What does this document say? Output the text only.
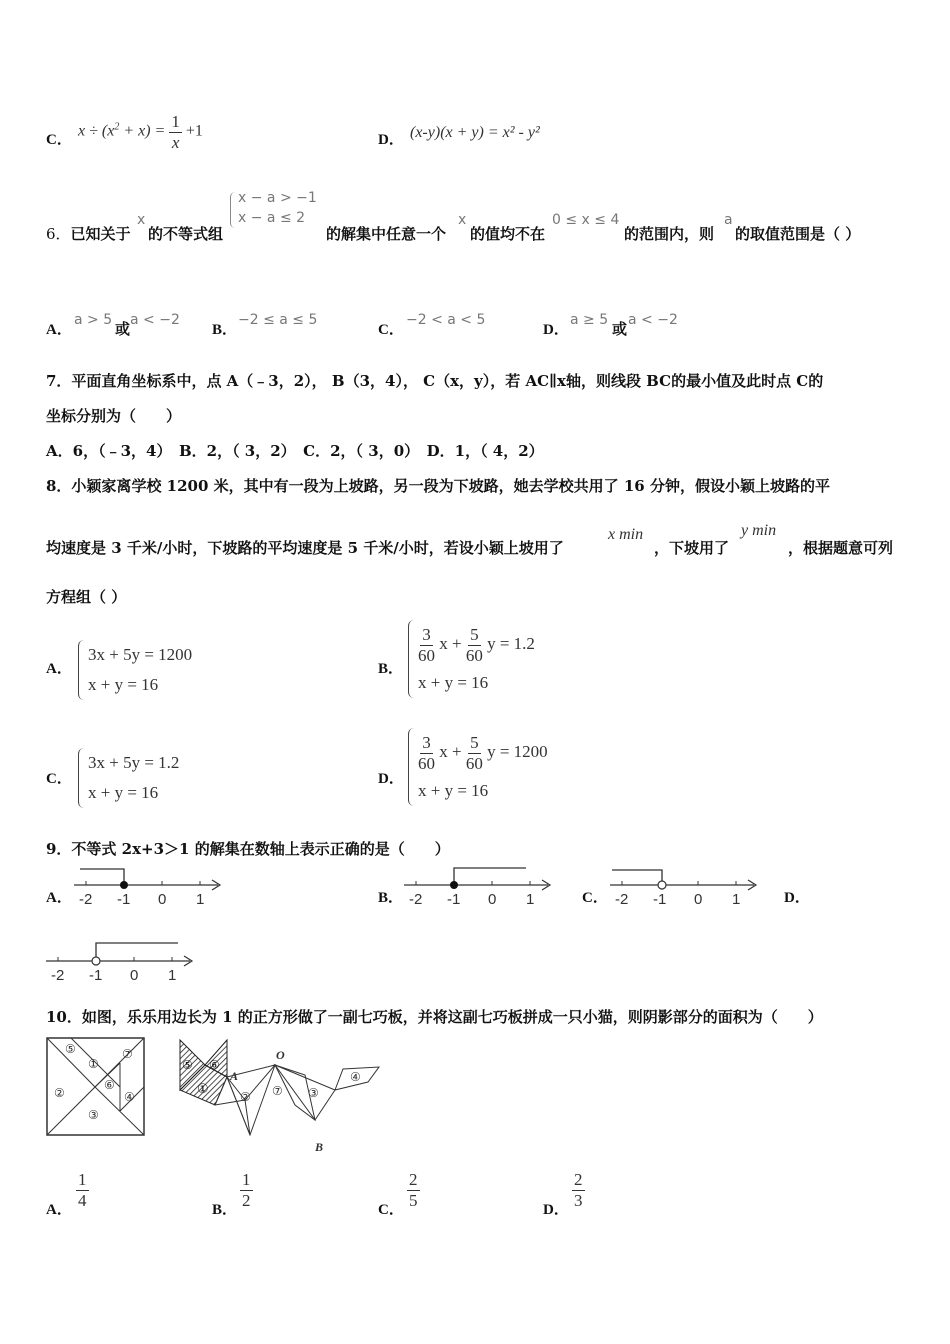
C．
$x \div (x^2 + x) = \frac{1}{x} +1$
D． (x-y)(x + y) = x² - y²
6．已知关于
x
的不等式组
x − a > −1
x − a ≤ 2
的解集中任意一个
x
的值均不在
0 ≤ x ≤ 4
的范围内，则
a
的取值范围是（ ）
A．
a > 5 或 a < −2
B．
−2 ≤ a ≤ 5
C．
−2 < a < 5
D．
a ≥ 5 或 a < −2
7．平面直角坐标系中，点 A（﹣3，2）， B（3，4）， C（x，y），若 AC∥x轴，则线段 BC的最小值及此时点 C的
坐标分别为（　　）
A．6，（﹣3，4）　B．2，（ 3，2）　C．2，（ 3，0）　D．1，（ 4，2）
8．小颖家离学校 1200 米，其中有一段为上坡路，另一段为下坡路，她去学校共用了 16 分钟，假设小颖上坡路的平
均速度是 3 千米/小时，下坡路的平均速度是 5 千米/小时，若设小颖上坡用了
x min
，下坡用了
y min
，根据题意可列
方程组（ ）
A．
3x + 5y = 1200
x + y = 16
B．
$\frac{3}{60}$ $x + \frac{5}{60}$ y = 1.2
x + y = 16
C．
3x + 5y = 1.2
x + y = 16
D．
$\frac{3}{60}$ $x + \frac{5}{60}$ y = 1200
x + y = 16
9．不等式 2x+3＞1 的解集在数轴上表示正确的是（　　）
A． -2 -1 0 1	B． -2 -1 0 1	C． -2 -1 0 1	D．
-2 -1 0 1
10．如图，乐乐用边长为 1 的正方形做了一副七巧板，并将这副七巧板拼成一只小猫，则阴影部分的面积为（　　）
⑤
①
⑦
⑥
②	④
③
⑤ ⑥
①	② ⑦ ③
④
O
A
B
A． $\frac{1}{4}$	B． $\frac{1}{2}$	C． $\frac{2}{5}$	D． $\frac{2}{3}$
